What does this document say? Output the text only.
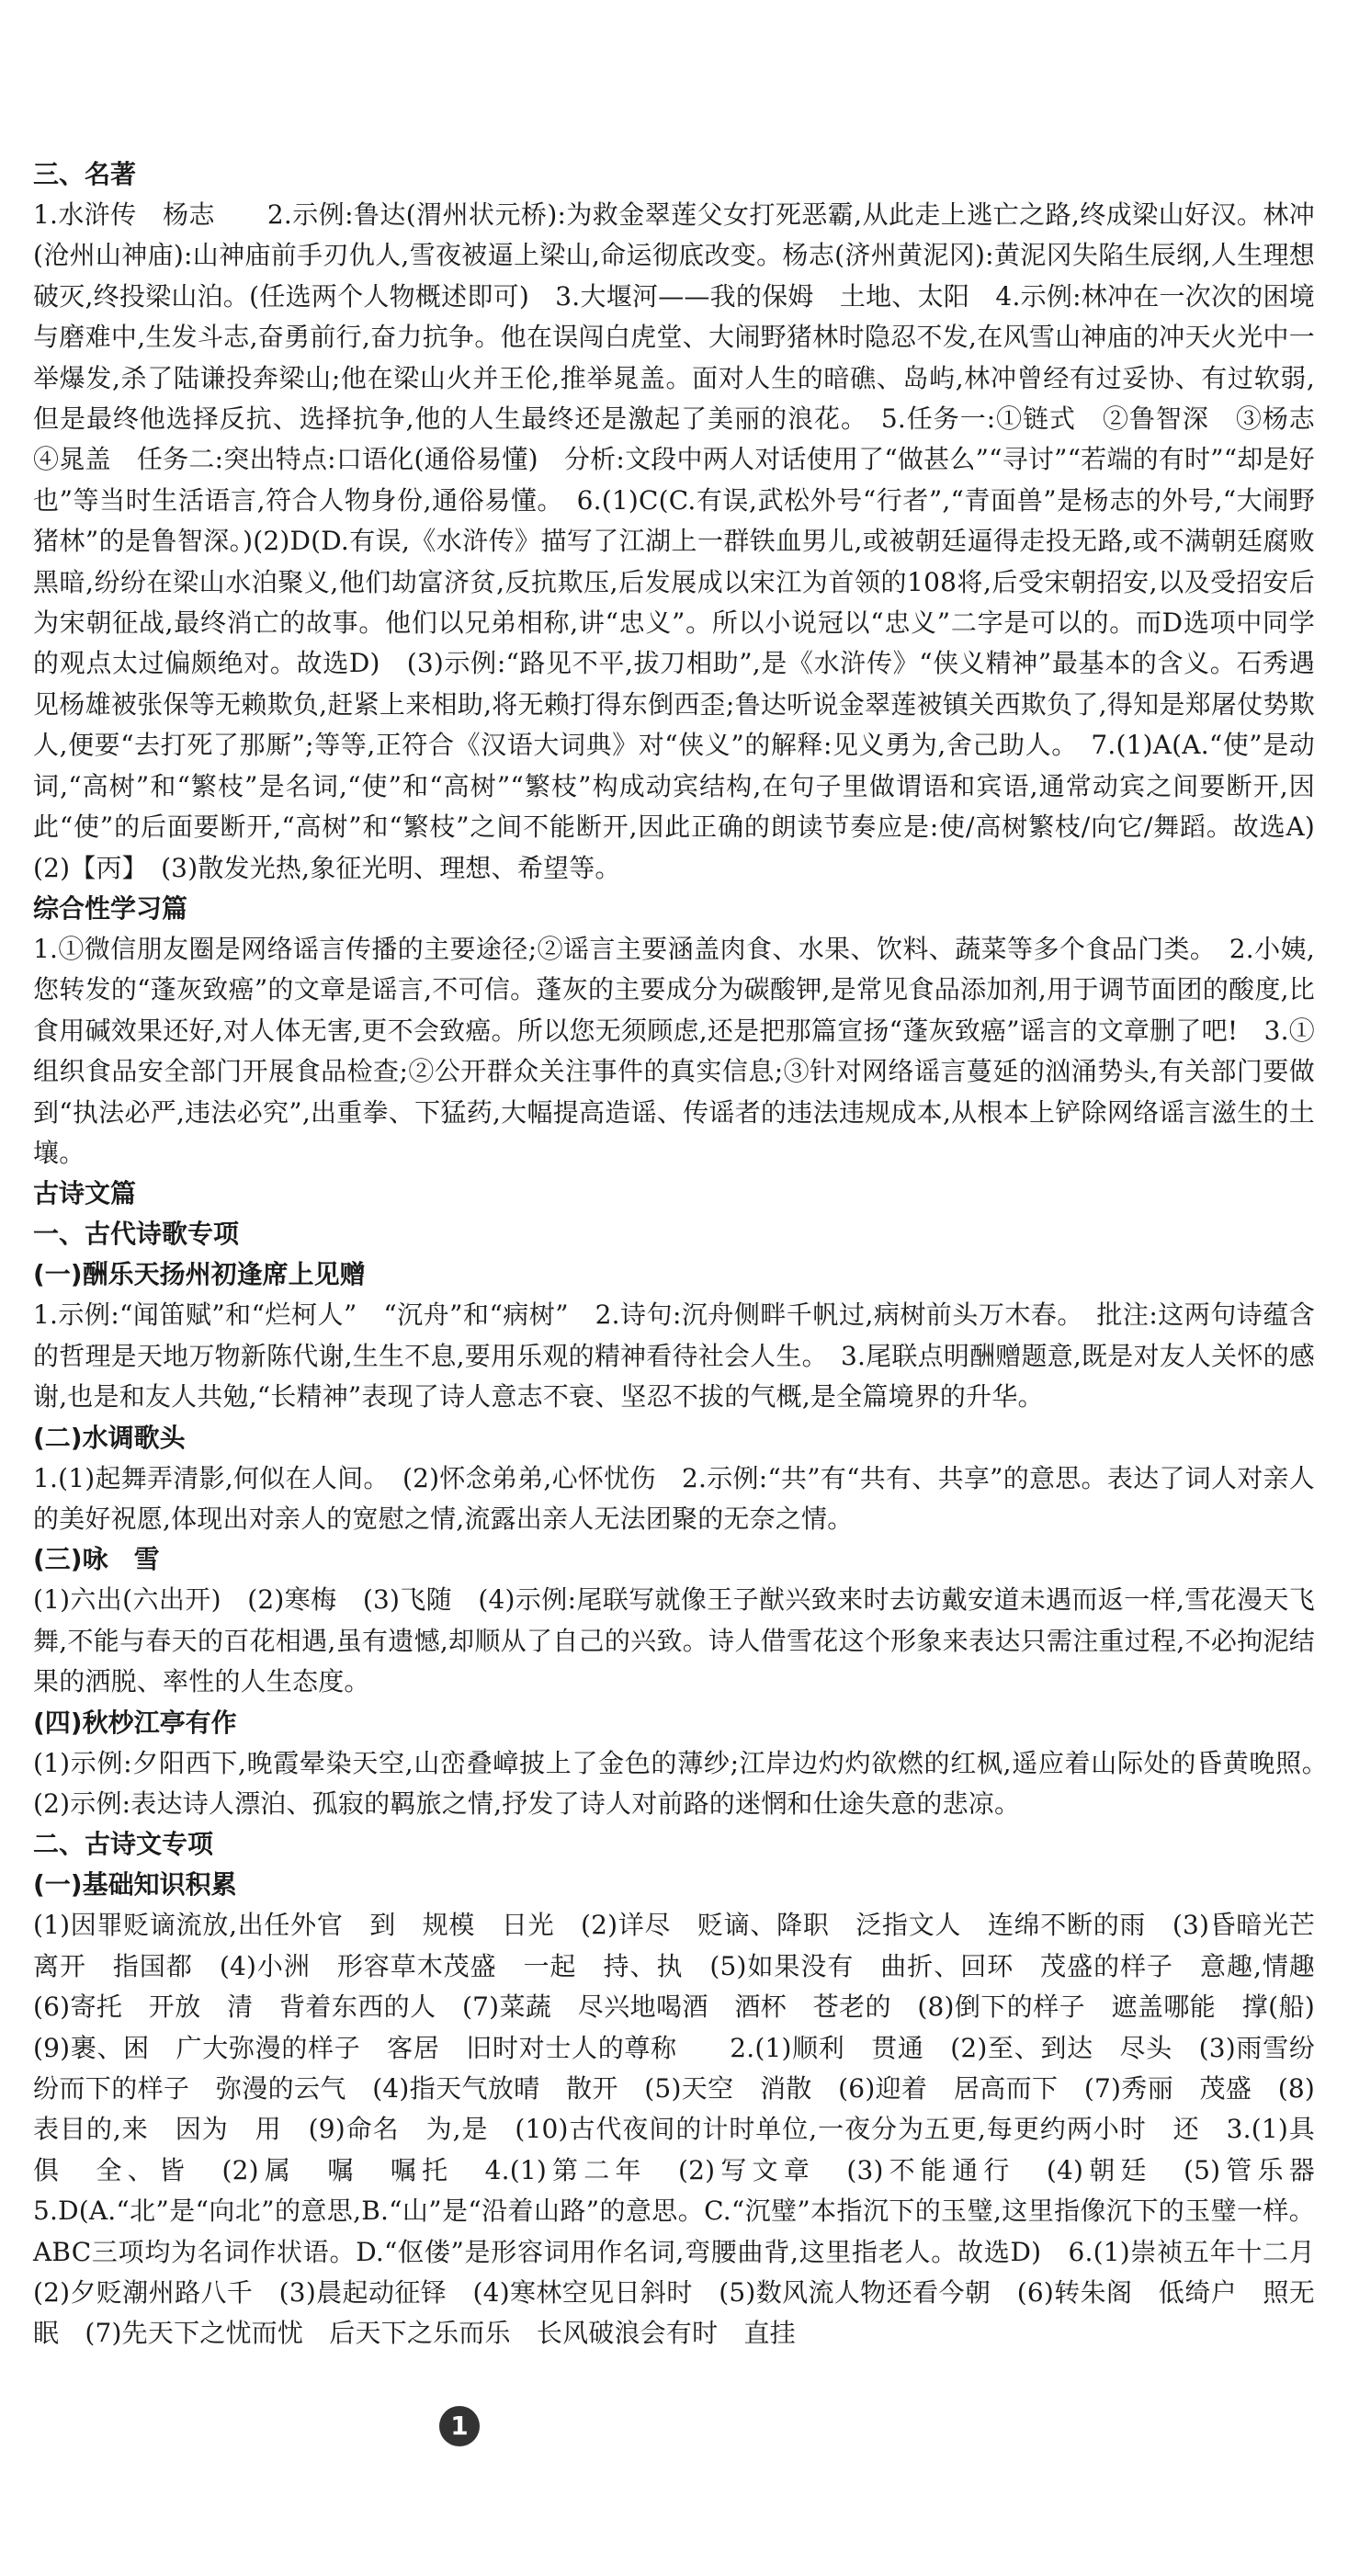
三、名著

1.水浒传　杨志　　2.示例:鲁达(渭州状元桥):为救金翠莲父女打死恶霸,从此走上逃亡之路,终成梁山好汉。林冲(沧州山神庙):山神庙前手刃仇人,雪夜被逼上梁山,命运彻底改变。杨志(济州黄泥冈):黄泥冈失陷生辰纲,人生理想破灭,终投梁山泊。(任选两个人物概述即可)　3.大堰河——我的保姆　土地、太阳　4.示例:林冲在一次次的困境与磨难中,生发斗志,奋勇前行,奋力抗争。他在误闯白虎堂、大闹野猪林时隐忍不发,在风雪山神庙的冲天火光中一举爆发,杀了陆谦投奔梁山;他在梁山火并王伦,推举晁盖。面对人生的暗礁、岛屿,林冲曾经有过妥协、有过软弱,但是最终他选择反抗、选择抗争,他的人生最终还是激起了美丽的浪花。　5.任务一:①链式　②鲁智深　③杨志　④晁盖　任务二:突出特点:口语化(通俗易懂)　分析:文段中两人对话使用了“做甚么”“寻讨”“若端的有时”“却是好也”等当时生活语言,符合人物身份,通俗易懂。　6.(1)C(C.有误,武松外号“行者”,“青面兽”是杨志的外号,“大闹野猪林”的是鲁智深。)(2)D(D.有误,《水浒传》描写了江湖上一群铁血男儿,或被朝廷逼得走投无路,或不满朝廷腐败黑暗,纷纷在梁山水泊聚义,他们劫富济贫,反抗欺压,后发展成以宋江为首领的108将,后受宋朝招安,以及受招安后为宋朝征战,最终消亡的故事。他们以兄弟相称,讲“忠义”。所以小说冠以“忠义”二字是可以的。而D选项中同学的观点太过偏颇绝对。故选D)　(3)示例:“路见不平,拔刀相助”,是《水浒传》“侠义精神”最基本的含义。石秀遇见杨雄被张保等无赖欺负,赶紧上来相助,将无赖打得东倒西歪;鲁达听说金翠莲被镇关西欺负了,得知是郑屠仗势欺人,便要“去打死了那厮”;等等,正符合《汉语大词典》对“侠义”的解释:见义勇为,舍己助人。　7.(1)A(A.“使”是动词,“高树”和“繁枝”是名词,“使”和“高树”“繁枝”构成动宾结构,在句子里做谓语和宾语,通常动宾之间要断开,因此“使”的后面要断开,“高树”和“繁枝”之间不能断开,因此正确的朗读节奏应是:使/高树繁枝/向它/舞蹈。故选A)　(2)【丙】　(3)散发光热,象征光明、理想、希望等。

综合性学习篇

1.①微信朋友圈是网络谣言传播的主要途径;②谣言主要涵盖肉食、水果、饮料、蔬菜等多个食品门类。　2.小姨,您转发的“蓬灰致癌”的文章是谣言,不可信。蓬灰的主要成分为碳酸钾,是常见食品添加剂,用于调节面团的酸度,比食用碱效果还好,对人体无害,更不会致癌。所以您无须顾虑,还是把那篇宣扬“蓬灰致癌”谣言的文章删了吧!　3.①组织食品安全部门开展食品检查;②公开群众关注事件的真实信息;③针对网络谣言蔓延的汹涌势头,有关部门要做到“执法必严,违法必究”,出重拳、下猛药,大幅提高造谣、传谣者的违法违规成本,从根本上铲除网络谣言滋生的土壤。

古诗文篇
一、古代诗歌专项
(一)酬乐天扬州初逢席上见赠

1.示例:“闻笛赋”和“烂柯人”　“沉舟”和“病树”　2.诗句:沉舟侧畔千帆过,病树前头万木春。　批注:这两句诗蕴含的哲理是天地万物新陈代谢,生生不息,要用乐观的精神看待社会人生。　3.尾联点明酬赠题意,既是对友人关怀的感谢,也是和友人共勉,“长精神”表现了诗人意志不衰、坚忍不拔的气概,是全篇境界的升华。

(二)水调歌头

1.(1)起舞弄清影,何似在人间。　(2)怀念弟弟,心怀忧伤　2.示例:“共”有“共有、共享”的意思。表达了词人对亲人的美好祝愿,体现出对亲人的宽慰之情,流露出亲人无法团聚的无奈之情。

(三)咏　雪

(1)六出(六出开)　(2)寒梅　(3)飞随　(4)示例:尾联写就像王子猷兴致来时去访戴安道未遇而返一样,雪花漫天飞舞,不能与春天的百花相遇,虽有遗憾,却顺从了自己的兴致。诗人借雪花这个形象来表达只需注重过程,不必拘泥结果的洒脱、率性的人生态度。

(四)秋杪江亭有作

(1)示例:夕阳西下,晚霞晕染天空,山峦叠嶂披上了金色的薄纱;江岸边灼灼欲燃的红枫,遥应着山际处的昏黄晚照。　(2)示例:表达诗人漂泊、孤寂的羁旅之情,抒发了诗人对前路的迷惘和仕途失意的悲凉。

二、古诗文专项
(一)基础知识积累

(1)因罪贬谪流放,出任外官　到　规模　日光　(2)详尽　贬谪、降职　泛指文人　连绵不断的雨　(3)昏暗光芒　离开　指国都　(4)小洲　形容草木茂盛　一起　持、执　(5)如果没有　曲折、回环　茂盛的样子　意趣,情趣　(6)寄托　开放　清　背着东西的人　(7)菜蔬　尽兴地喝酒　酒杯　苍老的　(8)倒下的样子　遮盖哪能　撑(船)　(9)裹、困　广大弥漫的样子　客居　旧时对士人的尊称　　2.(1)顺利　贯通　(2)至、到达　尽头　(3)雨雪纷纷而下的样子　弥漫的云气　(4)指天气放晴　散开　(5)天空　消散　(6)迎着　居高而下　(7)秀丽　茂盛　(8)表目的,来　因为　用　(9)命名　为,是　(10)古代夜间的计时单位,一夜分为五更,每更约两小时　还　3.(1)具　俱　全、皆　(2)属　嘱　嘱托　4.(1)第二年　(2)写文章　(3)不能通行　(4)朝廷　(5)管乐器　5.D(A.“北”是“向北”的意思,B.“山”是“沿着山路”的意思。C.“沉璧”本指沉下的玉璧,这里指像沉下的玉璧一样。ABC三项均为名词作状语。D.“伛偻”是形容词用作名词,弯腰曲背,这里指老人。故选D)　6.(1)崇祯五年十二月　(2)夕贬潮州路八千　(3)晨起动征铎　(4)寒林空见日斜时　(5)数风流人物还看今朝　(6)转朱阁　低绮户　照无眠　(7)先天下之忧而忧　后天下之乐而乐　长风破浪会有时　直挂

1
